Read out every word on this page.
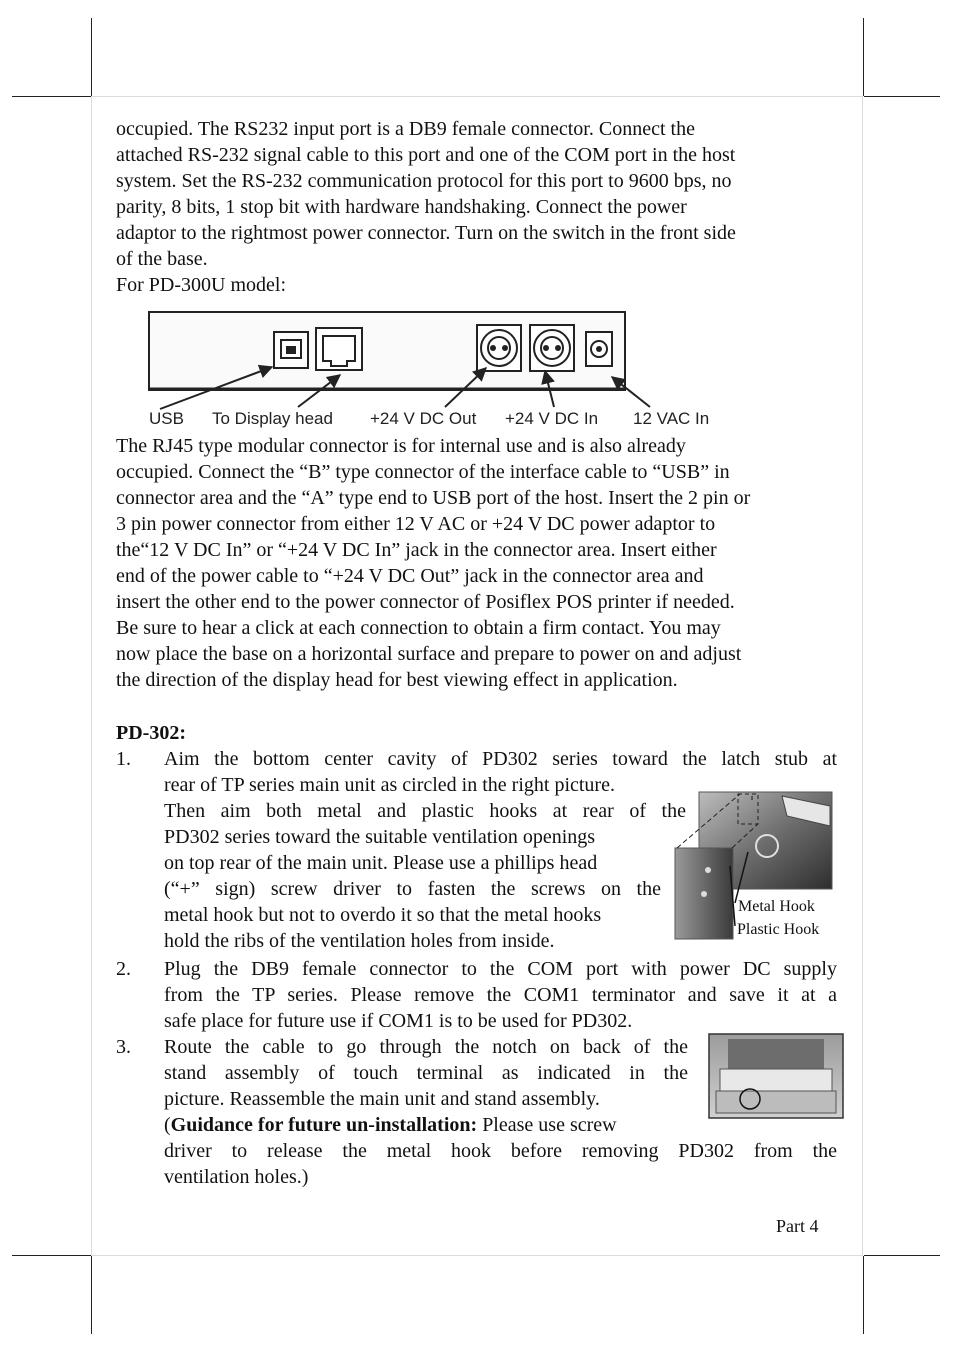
occupied. The RS232 input port is a DB9 female connector. Connect the
attached RS-232 signal cable to this port and one of the COM port in the host
system. Set the RS-232 communication protocol for this port to 9600 bps, no
parity, 8 bits, 1 stop bit with hardware handshaking. Connect the power
adaptor to the rightmost power connector. Turn on the switch in the front side
of the base.
For PD-300U model:
USB To Display head +24 V DC Out +24 V DC In 12 VAC In
The RJ45 type modular connector is for internal use and is also already
occupied. Connect the “B” type connector of the interface cable to “USB” in
connector area and the “A” type end to USB port of the host. Insert the 2 pin or
3 pin power connector from either 12 V AC or +24 V DC power adaptor to
the“12 V DC In” or “+24 V DC In” jack in the connector area. Insert either
end of the power cable to “+24 V DC Out” jack in the connector area and
insert the other end to the power connector of Posiflex POS printer if needed.
Be sure to hear a click at each connection to obtain a firm contact. You may
now place the base on a horizontal surface and prepare to power on and adjust
the direction of the display head for best viewing effect in application.
PD-302:
1. Aim the bottom center cavity of PD302 series toward the latch stub at
rear of TP series main unit as circled in the right picture.
Then aim both metal and plastic hooks at rear of the
PD302 series toward the suitable ventilation openings
on top rear of the main unit. Please use a phillips head
(“+” sign) screw driver to fasten the screws on the
metal hook but not to overdo it so that the metal hooks
hold the ribs of the ventilation holes from inside.
Metal Hook
Plastic Hook
2. Plug the DB9 female connector to the COM port with power DC supply
from the TP series. Please remove the COM1 terminator and save it at a
safe place for future use if COM1 is to be used for PD302.
3. Route the cable to go through the notch on back of the
stand assembly of touch terminal as indicated in the
picture. Reassemble the main unit and stand assembly.
(Guidance for future un-installation: Please use screw
driver to release the metal hook before removing PD302 from the
ventilation holes.)
Part 4
